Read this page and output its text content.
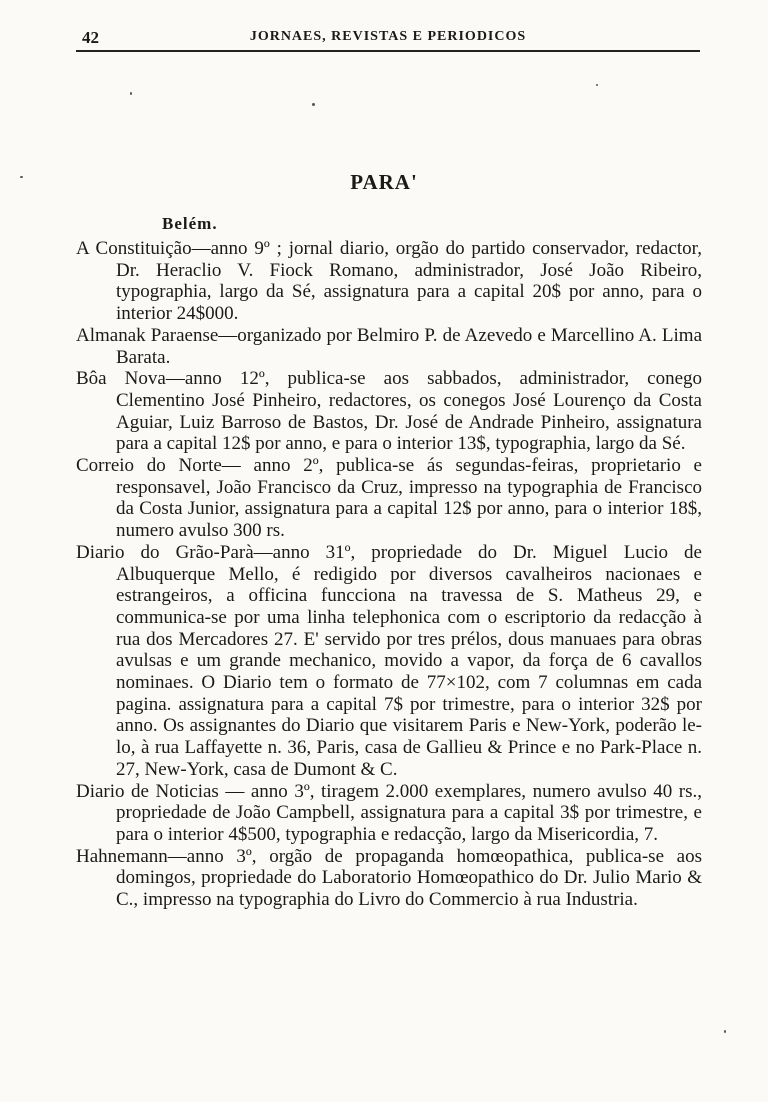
42	JORNAES, REVISTAS E PERIODICOS
PARA'
Belém.

A Constituição—anno 9º ; jornal diario, orgão do partido conservador, redactor, Dr. Heraclio V. Fiock Romano, administrador, José João Ribeiro, typographia, largo da Sé, assignatura para a capital 20$ por anno, para o interior 24$000.

Almanak Paraense—organizado por Belmiro P. de Azevedo e Marcellino A. Lima Barata.

Bôa Nova—anno 12º, publica-se aos sabbados, administrador, conego Clementino José Pinheiro, redactores, os conegos José Lourenço da Costa Aguiar, Luiz Barroso de Bastos, Dr. José de Andrade Pinheiro, assignatura para a capital 12$ por anno, e para o interior 13$, typographia, largo da Sé.

Correio do Norte— anno 2º, publica-se ás segundas-feiras, proprietario e responsavel, João Francisco da Cruz, impresso na typographia de Francisco da Costa Junior, assignatura para a capital 12$ por anno, para o interior 18$, numero avulso 300 rs.

Diario do Grão-Parà—anno 31º, propriedade do Dr. Miguel Lucio de Albuquerque Mello, é redigido por diversos cavalheiros nacionaes e estrangeiros, a officina funcciona na travessa de S. Matheus 29, e communica-se por uma linha telephonica com o escriptorio da redacção à rua dos Mercadores 27. E' servido por tres prélos, dous manuaes para obras avulsas e um grande mechanico, movido a vapor, da força de 6 cavallos nominaes. O Diario tem o formato de 77×102, com 7 columnas em cada pagina. assignatura para a capital 7$ por trimestre, para o interior 32$ por anno. Os assignantes do Diario que visitarem Paris e New-York, poderão le-lo, à rua Laffayette n. 36, Paris, casa de Gallieu & Prince e no Park-Place n. 27, New-York, casa de Dumont & C.

Diario de Noticias — anno 3º, tiragem 2.000 exemplares, numero avulso 40 rs., propriedade de João Campbell, assignatura para a capital 3$ por trimestre, e para o interior 4$500, typographia e redacção, largo da Misericordia, 7.

Hahnemann—anno 3º, orgão de propaganda homœopathica, publica-se aos domingos, propriedade do Laboratorio Homœopathico do Dr. Julio Mario & C., impresso na typographia do Livro do Commercio à rua Industria.
